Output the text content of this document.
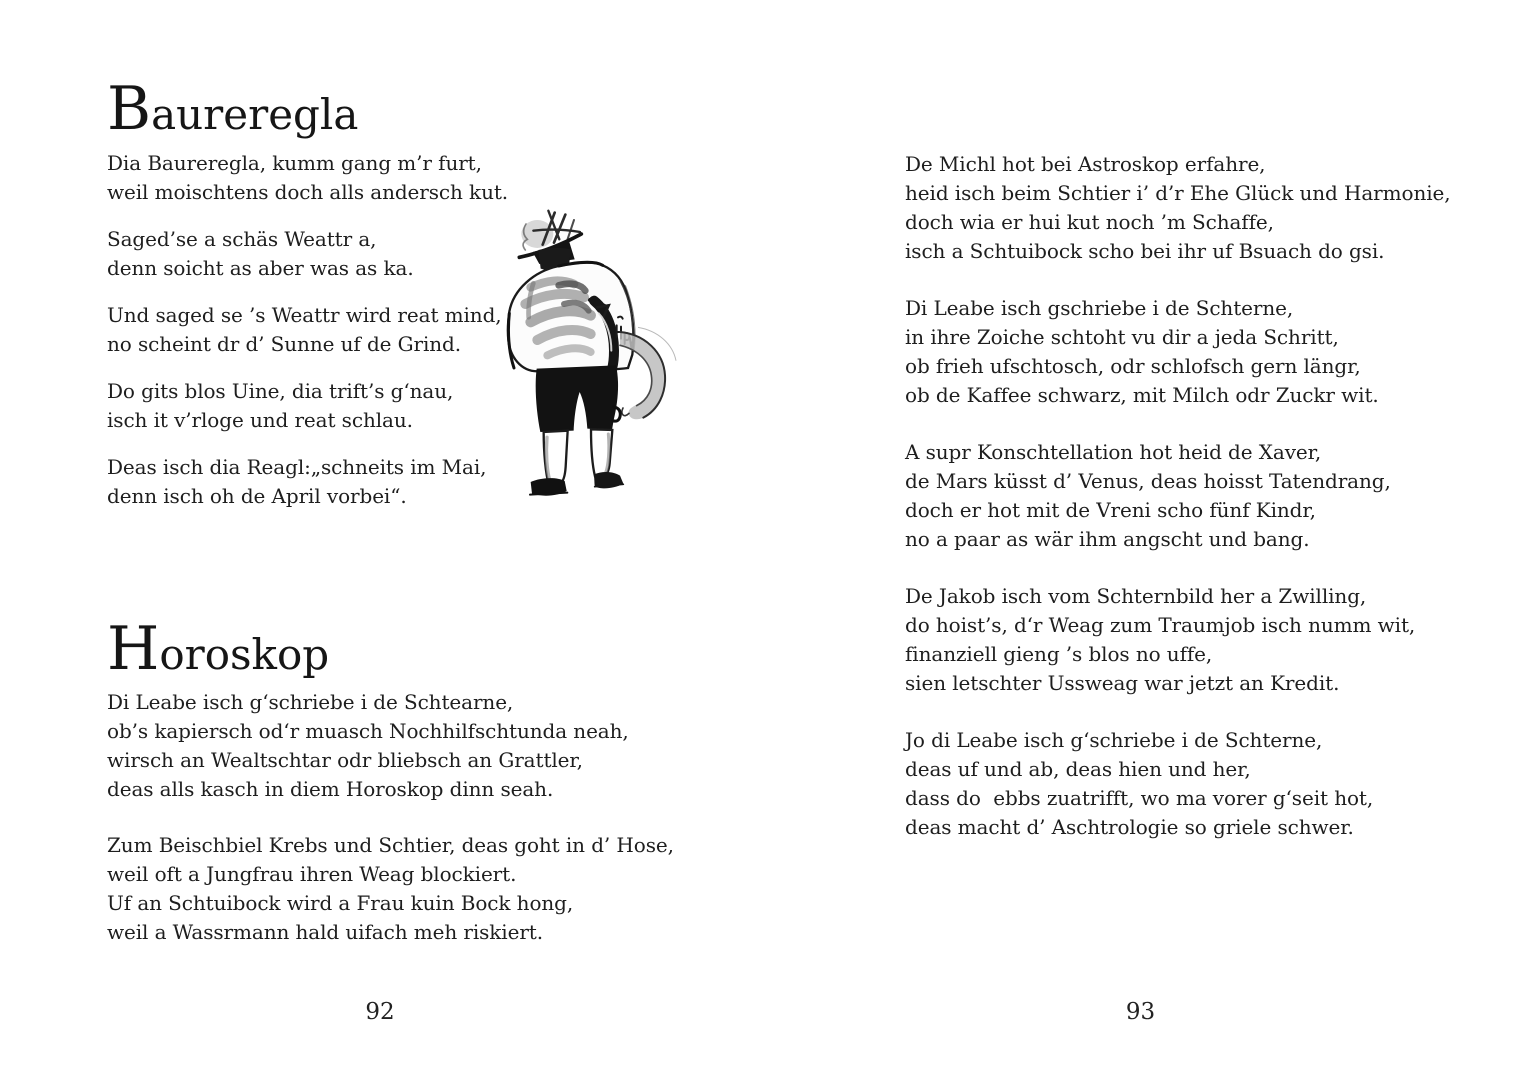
Baureregla
Dia Baureregla, kumm gang m’r furt,
weil moischtens doch alls andersch kut.
Saged’se a schäs Weattr a,
denn soicht as aber was as ka.
Und saged se ’s Weattr wird reat mind,
no scheint dr d’ Sunne uf de Grind.
Do gits blos Uine, dia trift’s g‘nau,
isch it v’rloge und reat schlau.
Deas isch dia Reagl:„schneits im Mai,
denn isch oh de April vorbei“.
Horoskop
Di Leabe isch g‘schriebe i de Schtearne,
ob’s kapiersch od‘r muasch Nochhilfschtunda neah,
wirsch an Wealtschtar odr bliebsch an Grattler,
deas alls kasch in diem Horoskop dinn seah.
Zum Beischbiel Krebs und Schtier, deas goht in d’ Hose,
weil oft a Jungfrau ihren Weag blockiert.
Uf an Schtuibock wird a Frau kuin Bock hong,
weil a Wassrmann hald uifach meh riskiert.
92
De Michl hot bei Astroskop erfahre,
heid isch beim Schtier i’ d’r Ehe Glück und Harmonie,
doch wia er hui kut noch ’m Schaffe,
isch a Schtuibock scho bei ihr uf Bsuach do gsi.
Di Leabe isch gschriebe i de Schterne,
in ihre Zoiche schtoht vu dir a jeda Schritt,
ob frieh ufschtosch, odr schlofsch gern längr,
ob de Kaffee schwarz, mit Milch odr Zuckr wit.
A supr Konschtellation hot heid de Xaver,
de Mars küsst d’ Venus, deas hoisst Tatendrang,
doch er hot mit de Vreni scho fünf Kindr,
no a paar as wär ihm angscht und bang.
De Jakob isch vom Schternbild her a Zwilling,
do hoist’s, d‘r Weag zum Traumjob isch numm wit,
finanziell gieng ’s blos no uffe,
sien letschter Ussweag war jetzt an Kredit.
Jo di Leabe isch g‘schriebe i de Schterne,
deas uf und ab, deas hien und her,
dass do  ebbs zuatrifft, wo ma vorer g‘seit hot,
deas macht d’ Aschtrologie so griele schwer.
93
